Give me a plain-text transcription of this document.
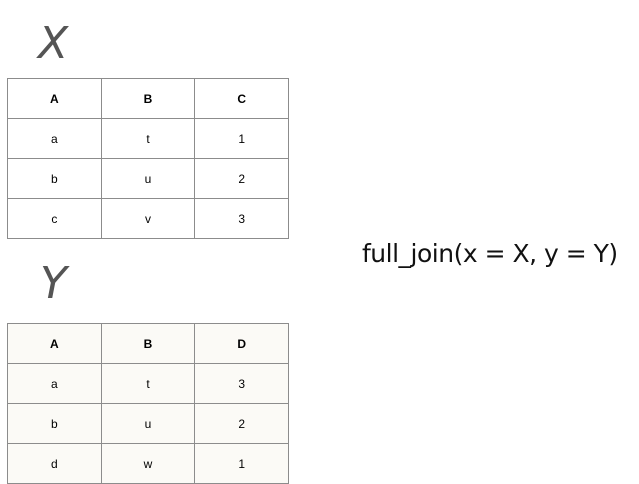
X
A	B	C
a	t	1
b	u	2
c	v	3
Y
A	B	D
a	t	3
b	u	2
d	w	1
full_join(x = X, y = Y)
